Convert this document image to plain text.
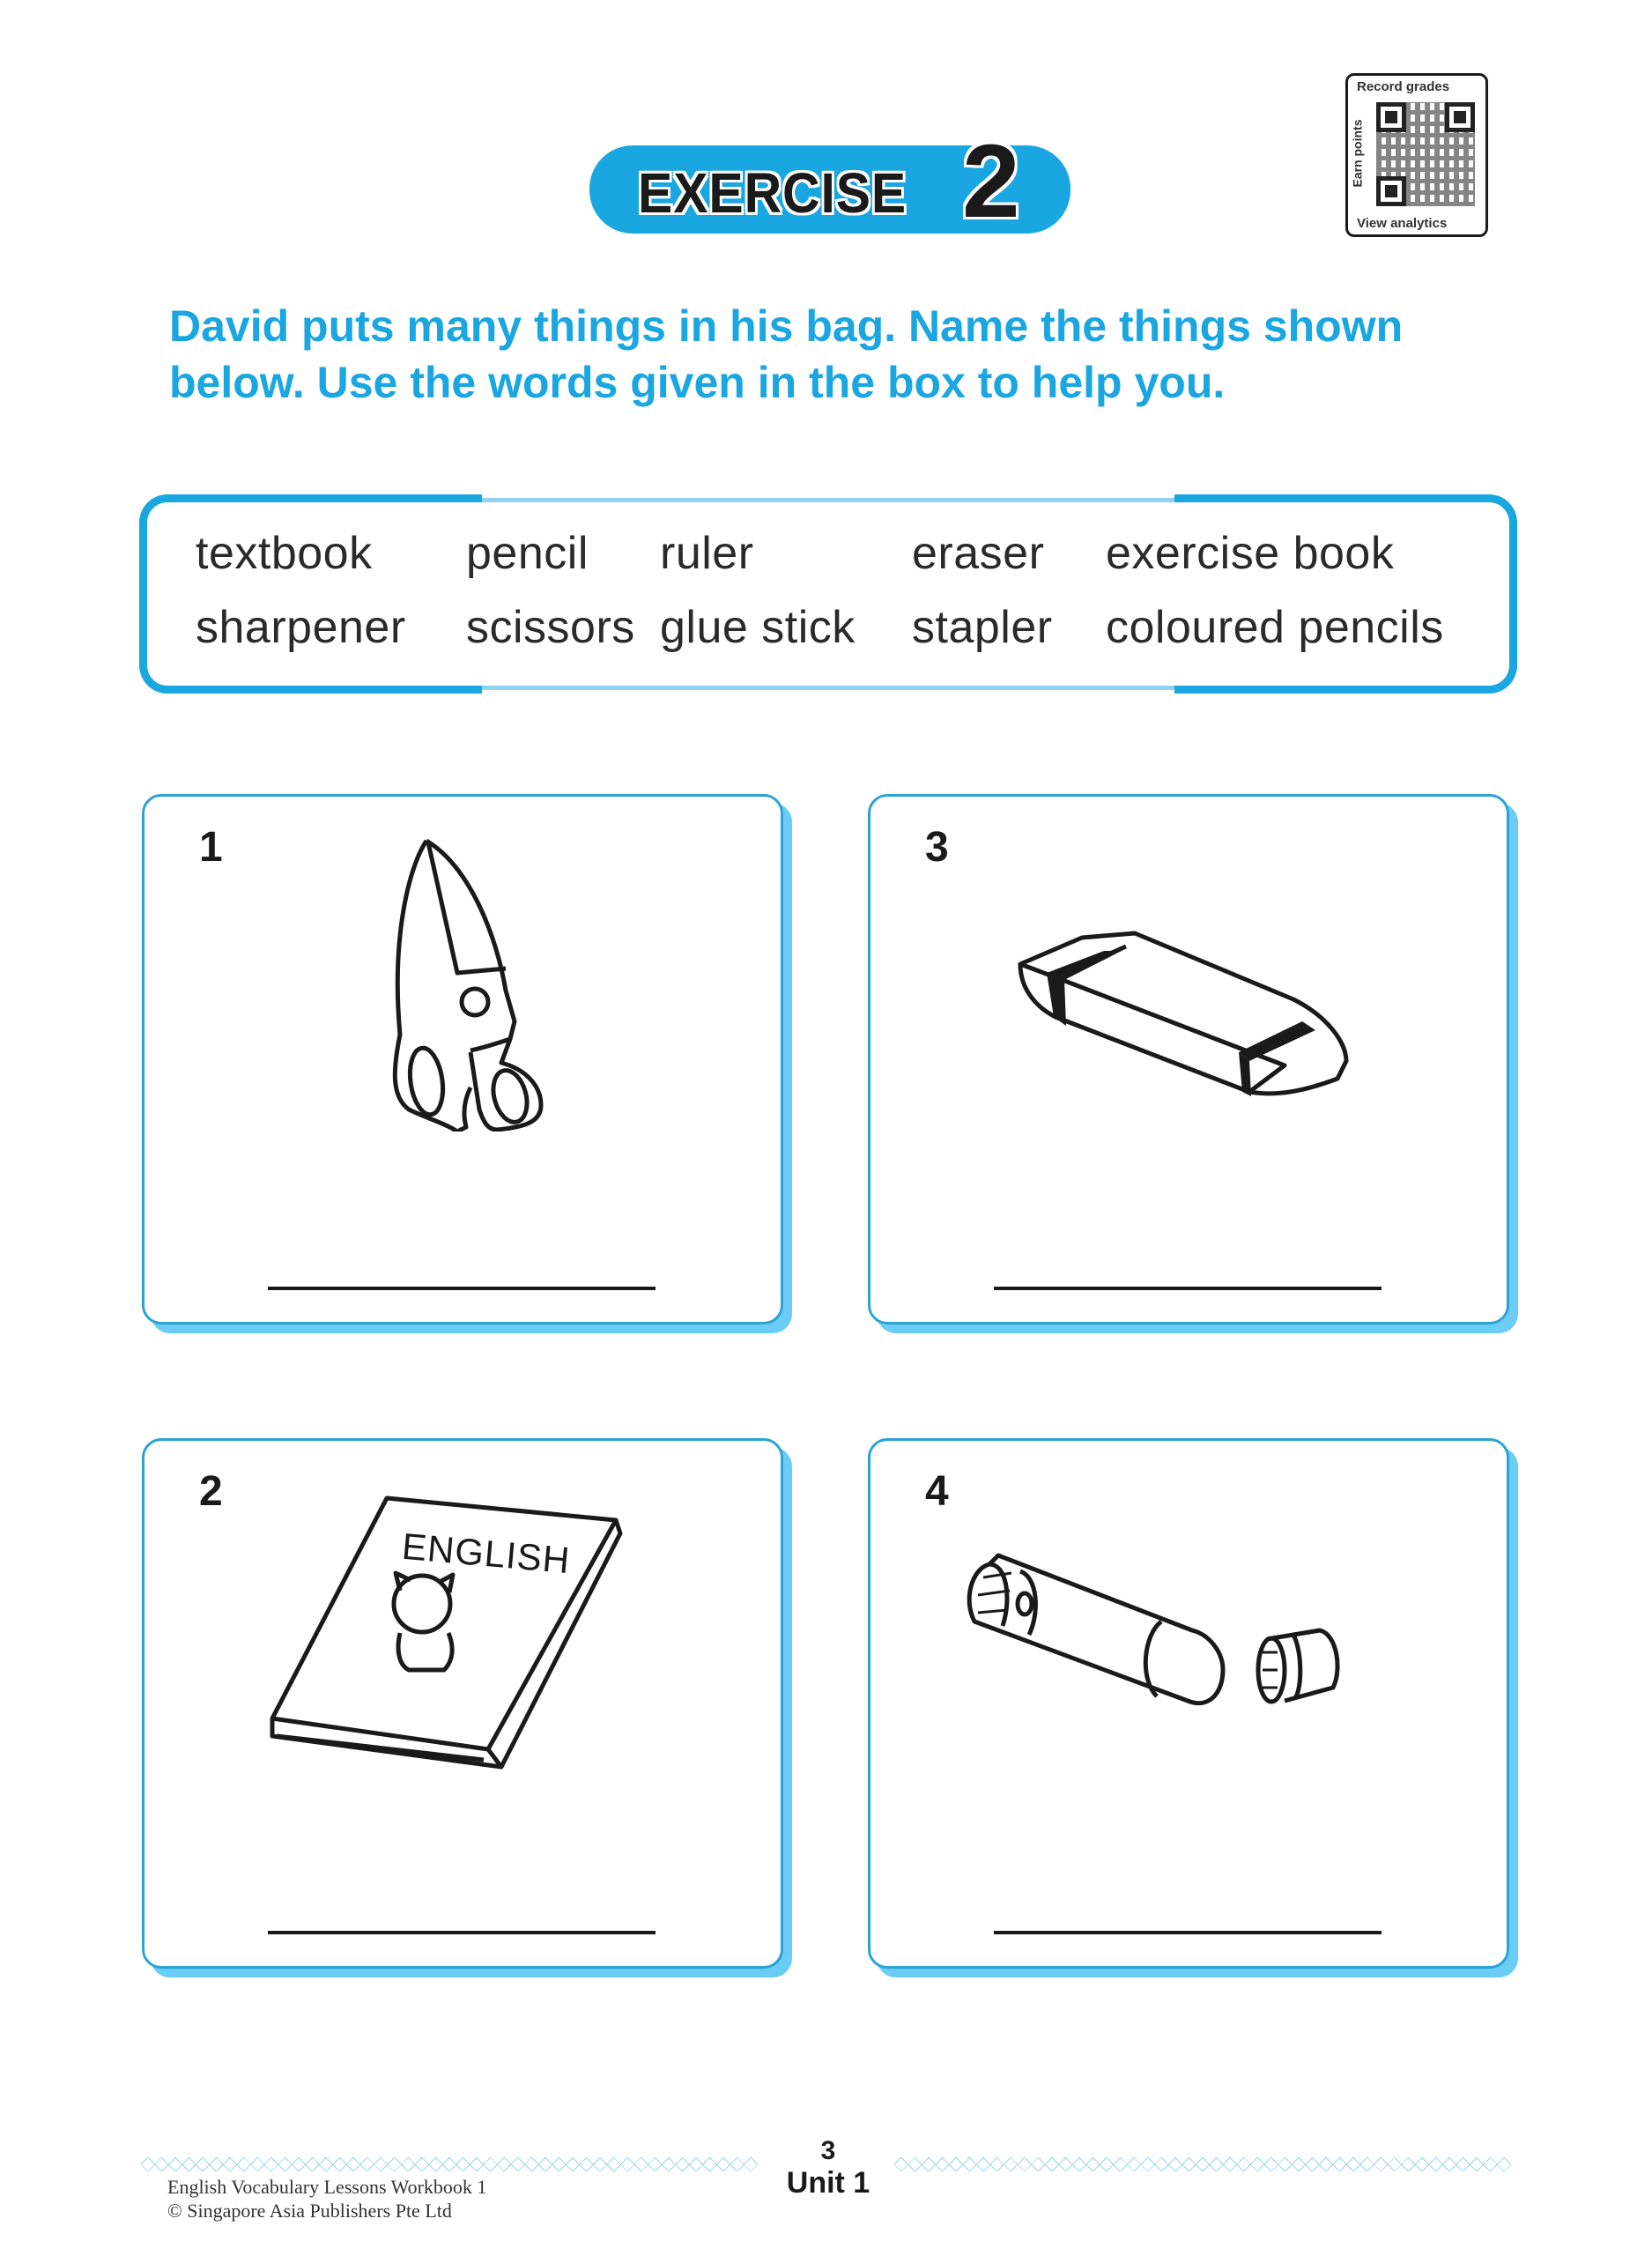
EXERCISE 2
Record grades
Earn points
View analytics
David puts many things in his bag. Name the things shown below. Use the words given in the box to help you.
textbook pencil ruler	eraser exercise book
sharpener scissors glue stick stapler coloured pencils
1	3
2
ENGLISH
4
3
Unit 1
English Vocabulary Lessons Workbook 1
© Singapore Asia Publishers Pte Ltd
